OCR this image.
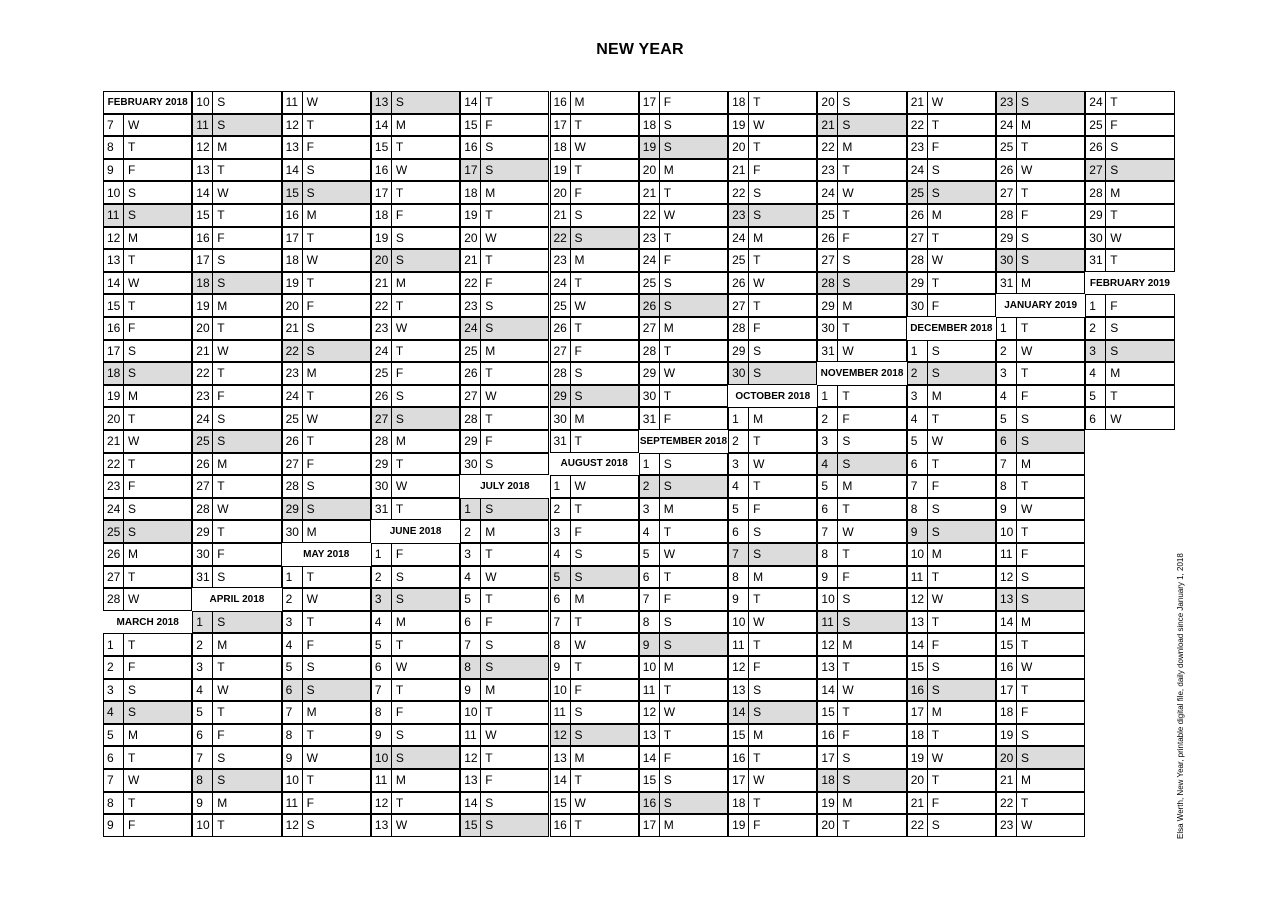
NEW YEAR
FEBRUARY 2018
7	W
8	T
9	F
10 S
11 S
12 M
13 T
14 W
15 T
16 F
17 S
18 S
19 M
20 T
21 W
22 T
23 F
24 S
25 S
26 M
27 T
28 W
MARCH 2018
1	T
2	F
3	S
4	S
5	M
6	T
7	W
8	T
9	F
10 S
11 S
12 M
13 T
14 W
15 T
16 F
17 S
18 S
19 M
20 T
21 W
22 T
23 F
24 S
25 S
26 M
27 T
28 W
29 T
30 F
31 S
APRIL 2018
1	S
2	M
3	T
4	W
5	T
6	F
7	S
8	S
9	M
10 T
11 W
12 T
13 F
14 S
15 S
16 M
17 T
18 W
19 T
20 F
21 S
22 S
23 M
24 T
25 W
26 T
27 F
28 S
29 S
30 M
MAY 2018
1	T
2	W
3	T
4	F
5	S
6	S
7	M
8	T
9	W
10 T
11 F
12 S
13 S
14 M
15 T
16 W
17 T
18 F
19 S
20 S
21 M
22 T
23 W
24 T
25 F
26 S
27 S
28 M
29 T
30 W
31 T
JUNE 2018
1	F
2	S
3	S
4	M
5	T
6	W
7	T
8	F
9	S
10 S
11 M
12 T
13 W
14 T
15 F
16 S
17 S
18 M
19 T
20 W
21 T
22 F
23 S
24 S
25 M
26 T
27 W
28 T
29 F
30 S
JULY 2018
1	S
2	M
3	T
4	W
5	T
6	F
7	S
8	S
9	M
10 T
11 W
12 T
13 F
14 S
15 S
16 M
17 T
18 W
19 T
20 F
21 S
22 S
23 M
24 T
25 W
26 T
27 F
28 S
29 S
30 M
31 T
AUGUST 2018
1	W
2	T
3	F
4	S
5	S
6	M
7	T
8	W
9	T
10 F
11 S
12 S
13 M
14 T
15 W
16 T
17 F
18 S
19 S
20 M
21 T
22 W
23 T
24 F
25 S
26 S
27 M
28 T
29 W
30 T
31 F
SEPTEMBER 2018
1	S
2	S
3	M
4	T
5	W
6	T
7	F
8	S
9	S
10 M
11 T
12 W
13 T
14 F
15 S
16 S
17 M
18 T
19 W
20 T
21 F
22 S
23 S
24 M
25 T
26 W
27 T
28 F
29 S
30 S
OCTOBER 2018
1	M
2	T
3	W
4	T
5	F
6	S
7	S
8	M
9	T
10 W
11 T
12 F
13 S
14 S
15 M
16 T
17 W
18 T
19 F
20 S
21 S
22 M
23 T
24 W
25 T
26 F
27 S
28 S
29 M
30 T
31 W
NOVEMBER 2018
1	T
2	F
3	S
4	S
5	M
6	T
7	W
8	T
9	F
10 S
11 S
12 M
13 T
14 W
15 T
16 F
17 S
18 S
19 M
20 T
21 W
22 T
23 F
24 S
25 S
26 M
27 T
28 W
29 T
30 F
DECEMBER 2018
1	S
2	S
3	M
4	T
5	W
6	T
7	F
8	S
9	S
10 M
11 T
12 W
13 T
14 F
15 S
16 S
17 M
18 T
19 W
20 T
21 F
22 S
23 S
24 M
25 T
26 W
27 T
28 F
29 S
30 S
31 M
JANUARY 2019
1	T
2	W
3	T
4	F
5	S
6	S
7	M
8	T
9	W
10 T
11 F
12 S
13 S
14 M
15 T
16 W
17 T
18 F
19 S
20 S
21 M
22 T
23 W
24 T
25 F
26 S
27 S
28 M
29 T
30 W
31 T
FEBRUARY 2019
1	F
2	S
3	S
4	M
5	T
6	W
Elsa Werth, New Year, printable digital file, daily download since January 1, 2018
